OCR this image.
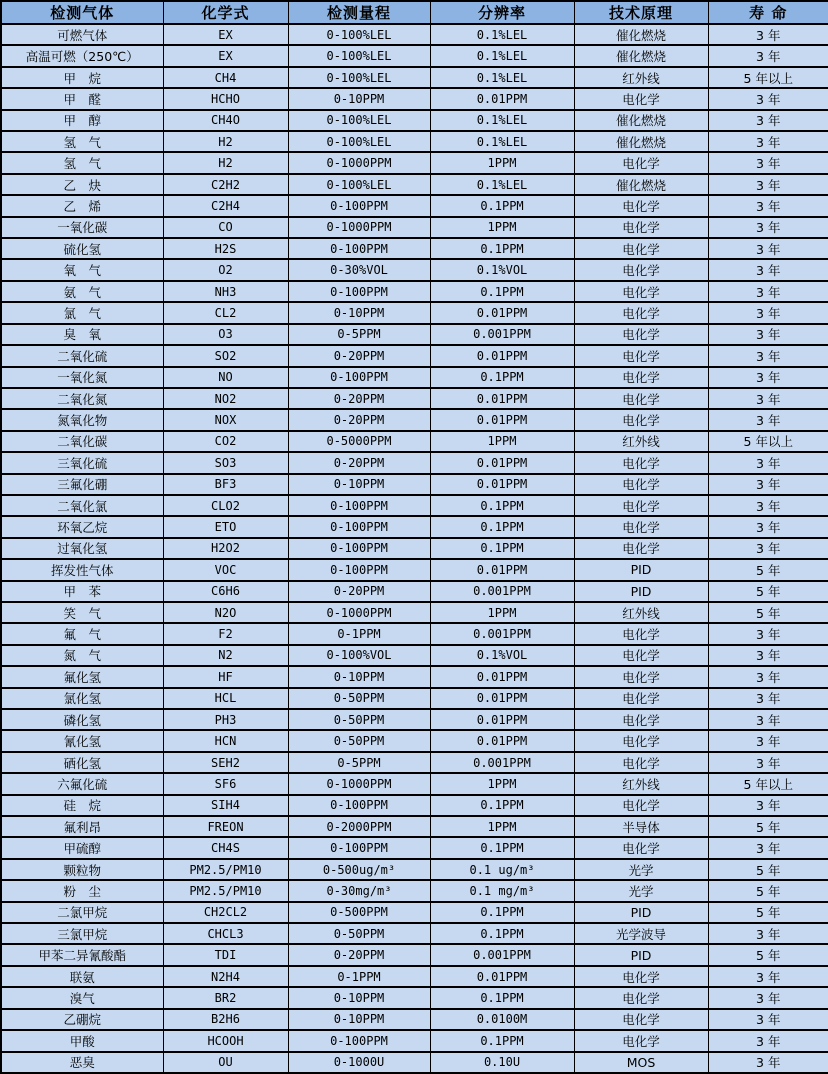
检测气体	化学式	检测量程	分辨率	技术原理	寿 命
可燃气体	EX	0-100%LEL	0.1%LEL	催化燃烧	3 年
高温可燃（250℃）	EX	0-100%LEL	0.1%LEL	催化燃烧	3 年
甲　烷	CH4	0-100%LEL	0.1%LEL	红外线	5 年以上
甲　醛	HCHO	0-10PPM	0.01PPM	电化学	3 年
甲　醇	CH4O	0-100%LEL	0.1%LEL	催化燃烧	3 年
氢　气	H2	0-100%LEL	0.1%LEL	催化燃烧	3 年
氢　气	H2	0-1000PPM	1PPM	电化学	3 年
乙　炔	C2H2	0-100%LEL	0.1%LEL	催化燃烧	3 年
乙　烯	C2H4	0-100PPM	0.1PPM	电化学	3 年
一氧化碳	CO	0-1000PPM	1PPM	电化学	3 年
硫化氢	H2S	0-100PPM	0.1PPM	电化学	3 年
氧　气	O2	0-30%VOL	0.1%VOL	电化学	3 年
氨　气	NH3	0-100PPM	0.1PPM	电化学	3 年
氯　气	CL2	0-10PPM	0.01PPM	电化学	3 年
臭　氧	O3	0-5PPM	0.001PPM	电化学	3 年
二氧化硫	SO2	0-20PPM	0.01PPM	电化学	3 年
一氧化氮	NO	0-100PPM	0.1PPM	电化学	3 年
二氧化氮	NO2	0-20PPM	0.01PPM	电化学	3 年
氮氧化物	NOX	0-20PPM	0.01PPM	电化学	3 年
二氧化碳	CO2	0-5000PPM	1PPM	红外线	5 年以上
三氧化硫	SO3	0-20PPM	0.01PPM	电化学	3 年
三氟化硼	BF3	0-10PPM	0.01PPM	电化学	3 年
二氧化氯	CLO2	0-100PPM	0.1PPM	电化学	3 年
环氧乙烷	ETO	0-100PPM	0.1PPM	电化学	3 年
过氧化氢	H2O2	0-100PPM	0.1PPM	电化学	3 年
挥发性气体	VOC	0-100PPM	0.01PPM	PID	5 年
甲　苯	C6H6	0-20PPM	0.001PPM	PID	5 年
笑　气	N2O	0-1000PPM	1PPM	红外线	5 年
氟　气	F2	0-1PPM	0.001PPM	电化学	3 年
氮　气	N2	0-100%VOL	0.1%VOL	电化学	3 年
氟化氢	HF	0-10PPM	0.01PPM	电化学	3 年
氯化氢	HCL	0-50PPM	0.01PPM	电化学	3 年
磷化氢	PH3	0-50PPM	0.01PPM	电化学	3 年
氰化氢	HCN	0-50PPM	0.01PPM	电化学	3 年
硒化氢	SEH2	0-5PPM	0.001PPM	电化学	3 年
六氟化硫	SF6	0-1000PPM	1PPM	红外线	5 年以上
硅　烷	SIH4	0-100PPM	0.1PPM	电化学	3 年
氟利昂	FREON	0-2000PPM	1PPM	半导体	5 年
甲硫醇	CH4S	0-100PPM	0.1PPM	电化学	3 年
颗粒物	PM2.5/PM10	0-500ug/m³	0.1 ug/m³	光学	5 年
粉　尘	PM2.5/PM10	0-30mg/m³	0.1 mg/m³	光学	5 年
二氯甲烷	CH2CL2	0-500PPM	0.1PPM	PID	5 年
三氯甲烷	CHCL3	0-50PPM	0.1PPM	光学波导	3 年
甲苯二异氰酸酯	TDI	0-20PPM	0.001PPM	PID	5 年
联氨	N2H4	0-1PPM	0.01PPM	电化学	3 年
溴气	BR2	0-10PPM	0.1PPM	电化学	3 年
乙硼烷	B2H6	0-10PPM	0.0100M	电化学	3 年
甲酸	HCOOH	0-100PPM	0.1PPM	电化学	3 年
恶臭	OU	0-1000U	0.10U	MOS	3 年
